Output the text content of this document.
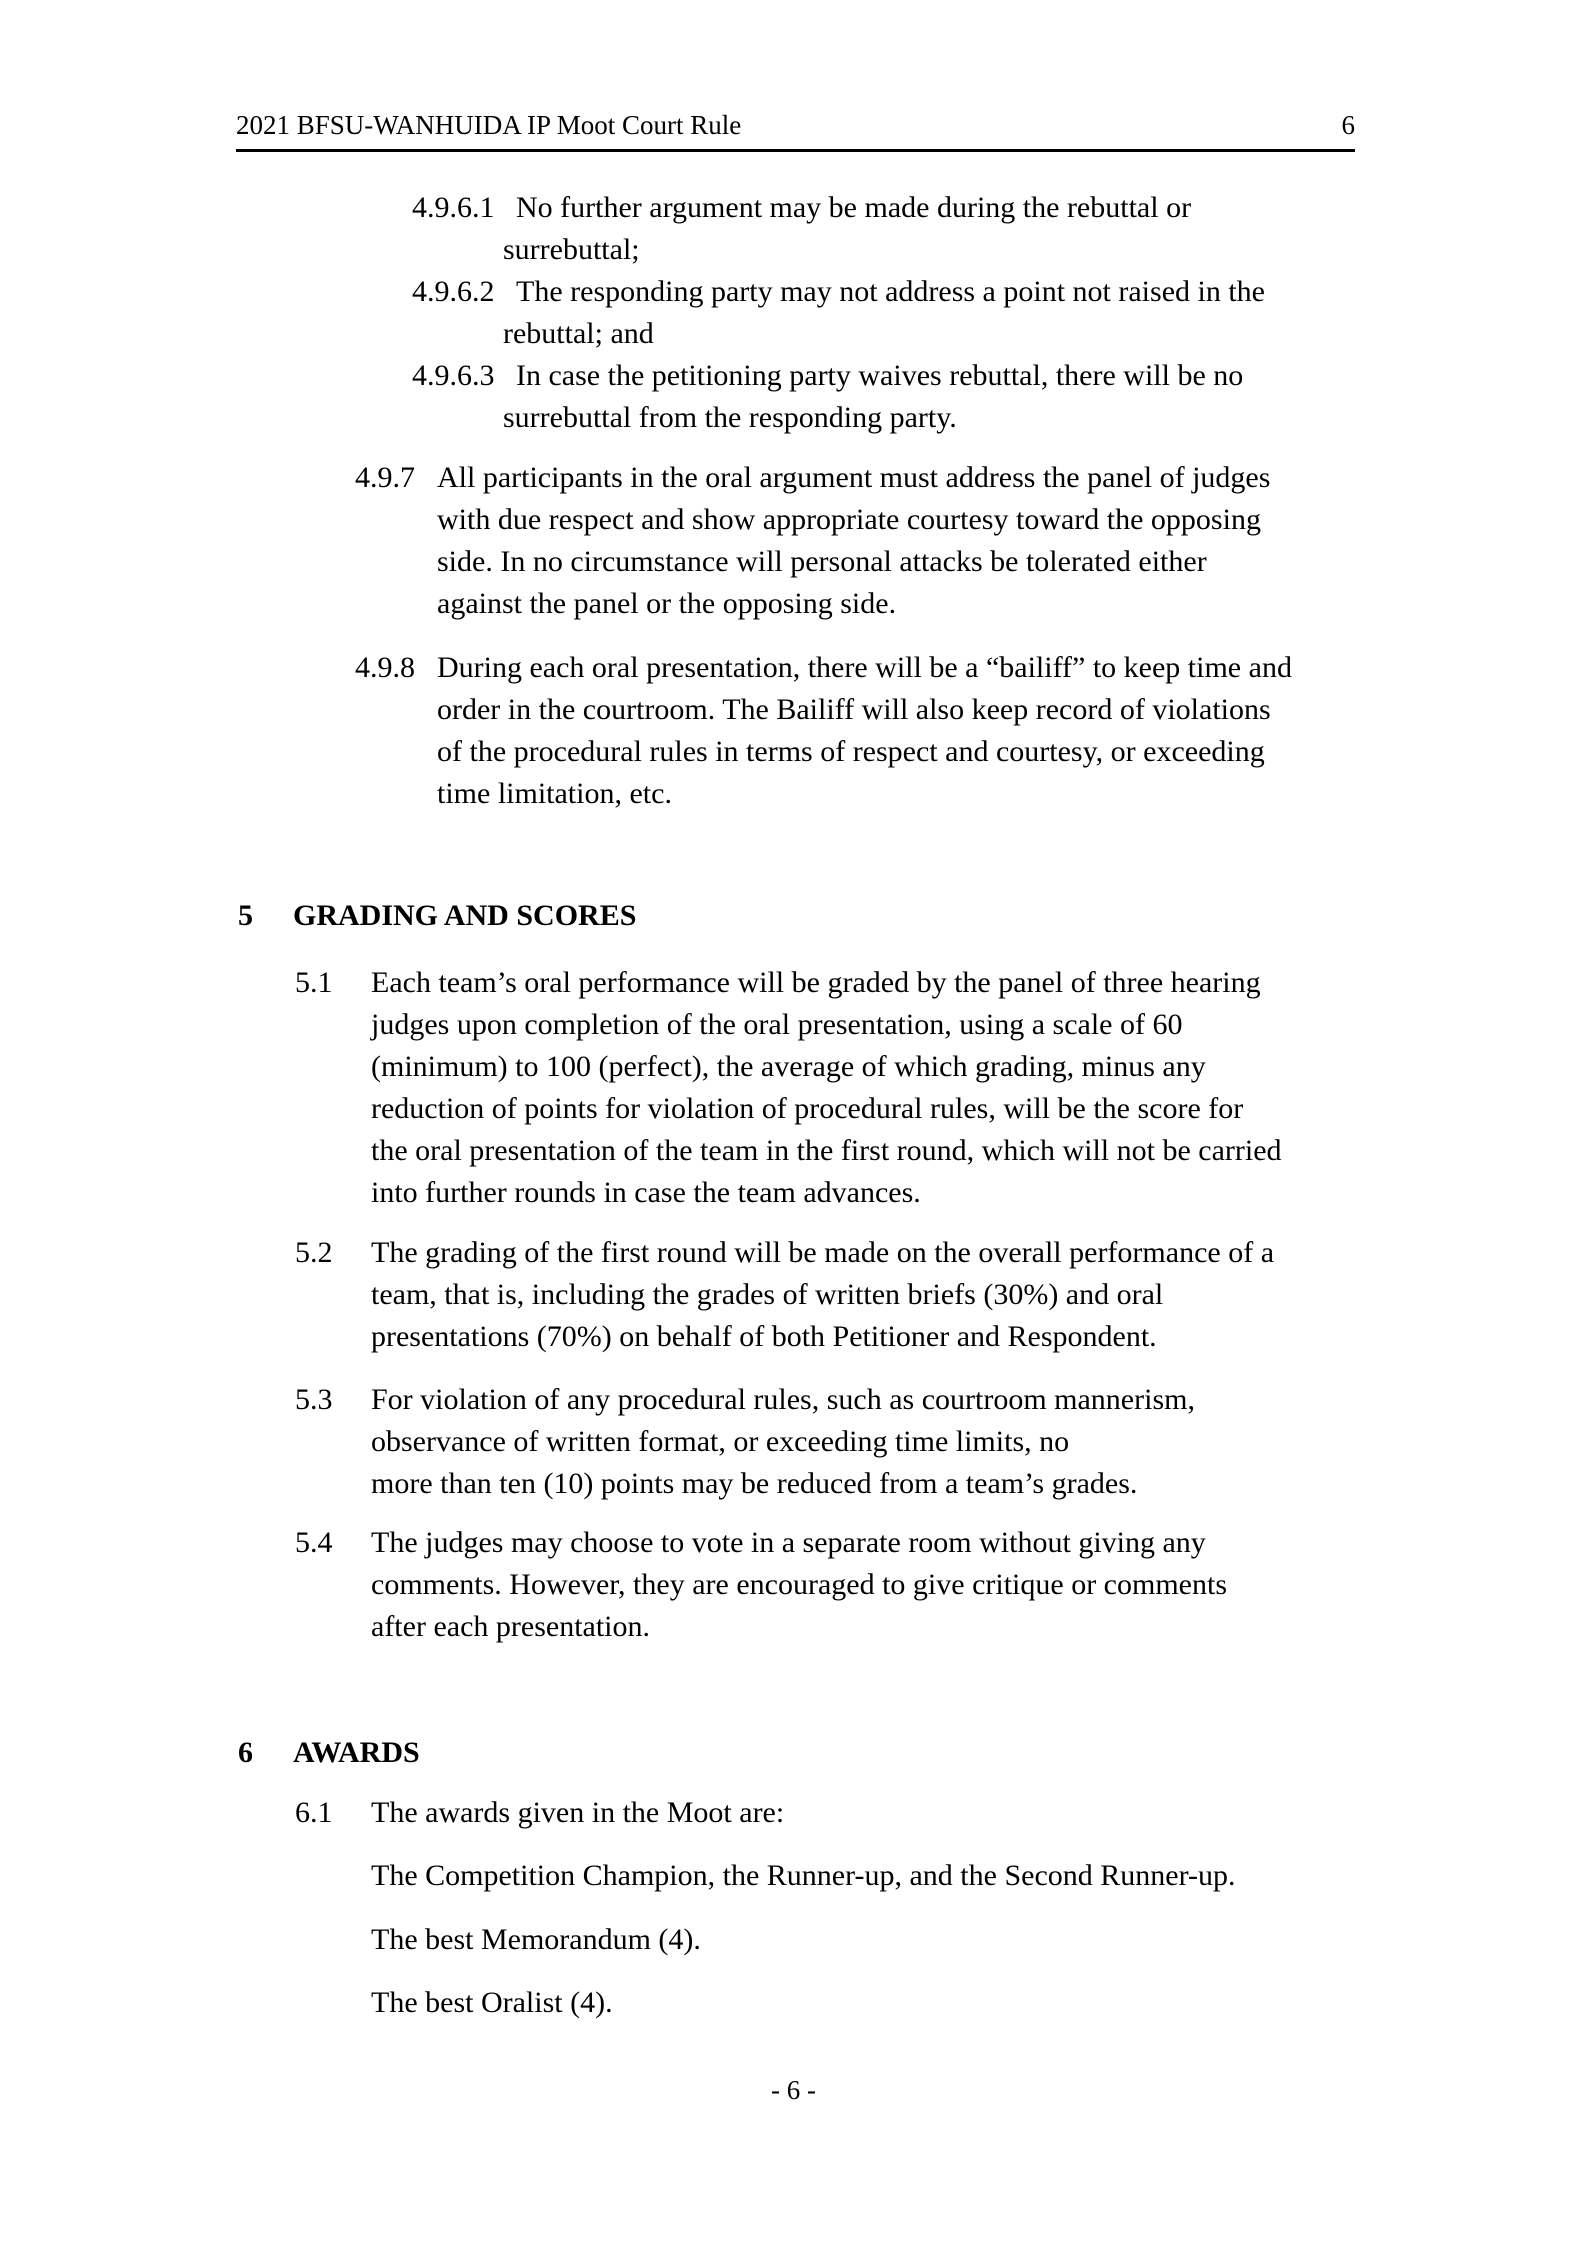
2021 BFSU-WANHUIDA IP Moot Court Rule	6
4.9.6.1 No further argument may be made during the rebuttal or
surrebuttal;
4.9.6.2 The responding party may not address a point not raised in the
rebuttal; and
4.9.6.3 In case the petitioning party waives rebuttal, there will be no
surrebuttal from the responding party.
4.9.7 All participants in the oral argument must address the panel of judges
with due respect and show appropriate courtesy toward the opposing
side. In no circumstance will personal attacks be tolerated either
against the panel or the opposing side.
4.9.8 During each oral presentation, there will be a “bailiff” to keep time and
order in the courtroom. The Bailiff will also keep record of violations
of the procedural rules in terms of respect and courtesy, or exceeding
time limitation, etc.
5 GRADING AND SCORES
5.1 Each team’s oral performance will be graded by the panel of three hearing
judges upon completion of the oral presentation, using a scale of 60
(minimum) to 100 (perfect), the average of which grading, minus any
reduction of points for violation of procedural rules, will be the score for
the oral presentation of the team in the first round, which will not be carried
into further rounds in case the team advances.
5.2 The grading of the first round will be made on the overall performance of a
team, that is, including the grades of written briefs (30%) and oral
presentations (70%) on behalf of both Petitioner and Respondent.
5.3 For violation of any procedural rules, such as courtroom mannerism,
observance of written format, or exceeding time limits, no
more than ten (10) points may be reduced from a team’s grades.
5.4 The judges may choose to vote in a separate room without giving any
comments. However, they are encouraged to give critique or comments
after each presentation.
6 AWARDS
6.1 The awards given in the Moot are:
The Competition Champion, the Runner-up, and the Second Runner-up.
The best Memorandum (4).
The best Oralist (4).
- 6 -
